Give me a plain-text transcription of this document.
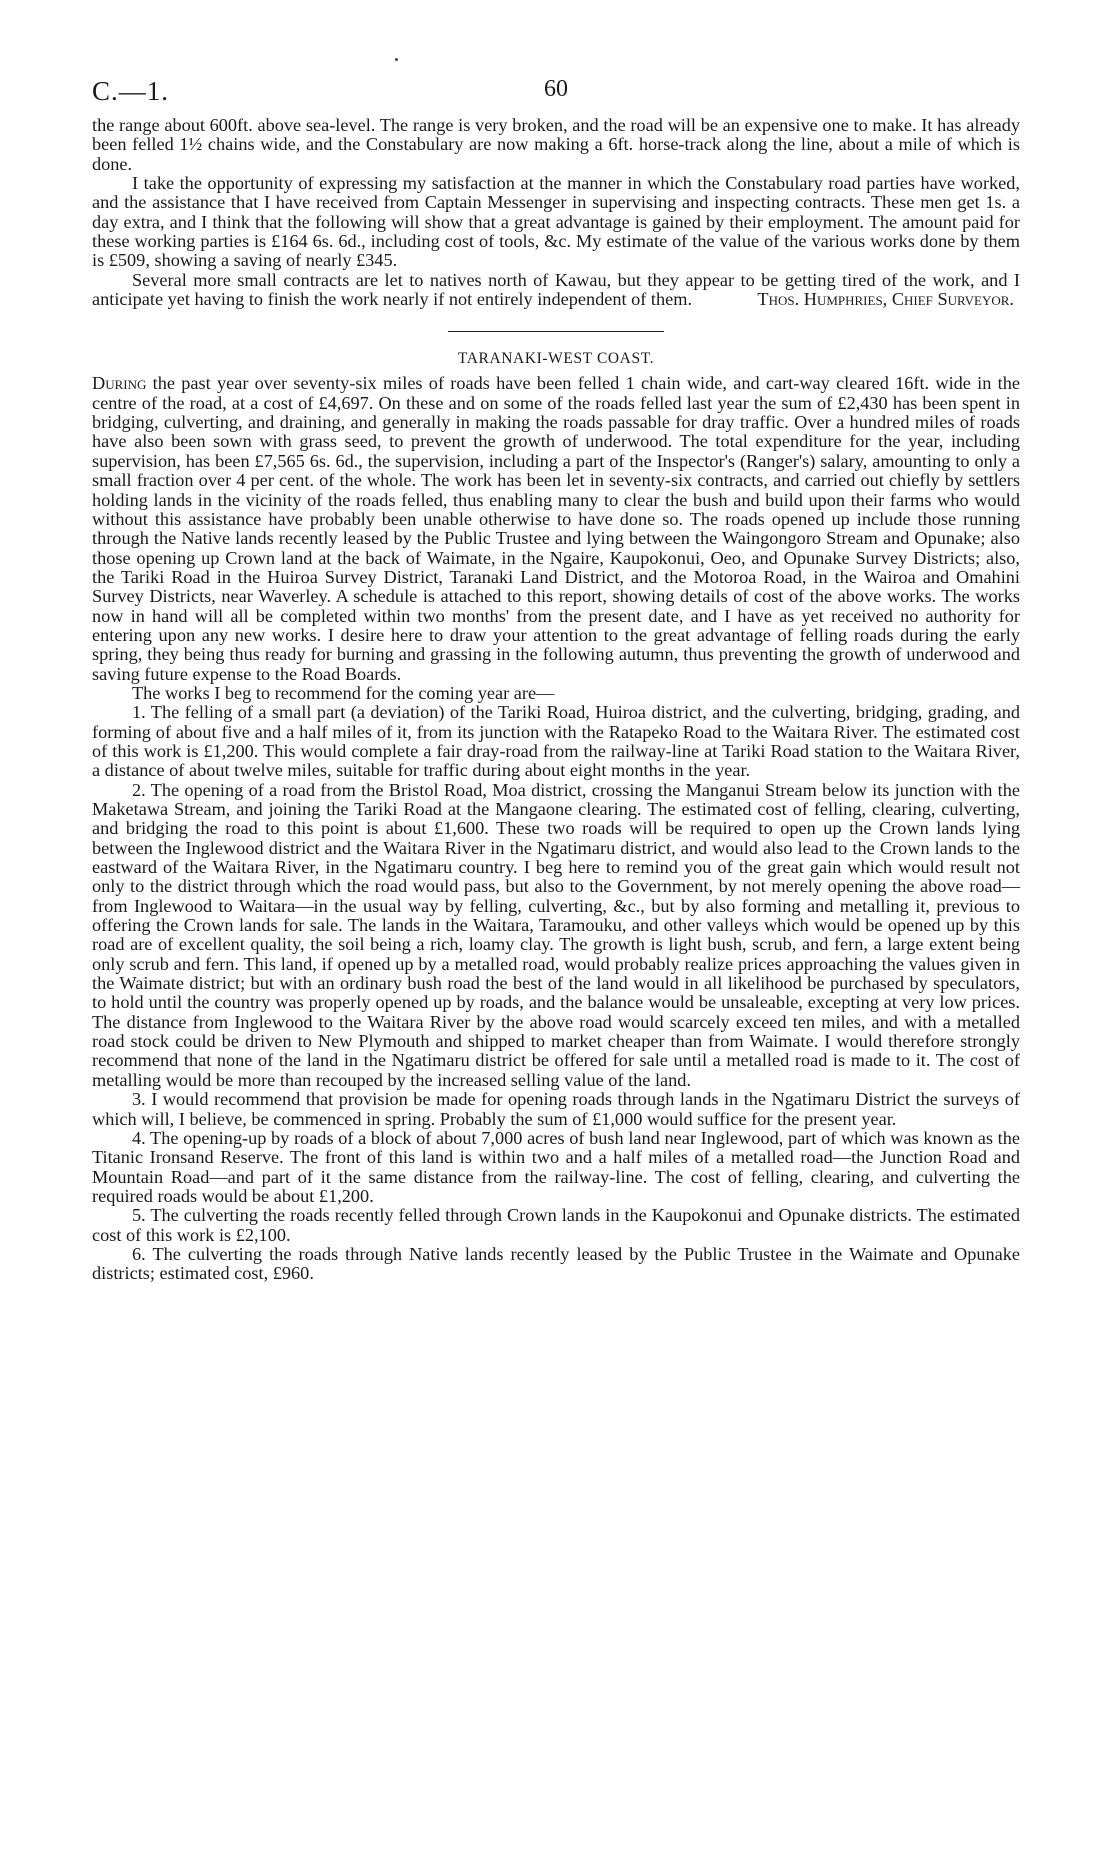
C.—1.	60

the range about 600ft. above sea-level. The range is very broken, and the road will be an expensive one to make. It has already been felled 1½ chains wide, and the Constabulary are now making a 6ft. horse-track along the line, about a mile of which is done.

I take the opportunity of expressing my satisfaction at the manner in which the Constabulary road parties have worked, and the assistance that I have received from Captain Messenger in supervising and inspecting contracts. These men get 1s. a day extra, and I think that the following will show that a great advantage is gained by their employment. The amount paid for these working parties is £164 6s. 6d., including cost of tools, &c. My estimate of the value of the various works done by them is £509, showing a saving of nearly £345.

Several more small contracts are let to natives north of Kawau, but they appear to be getting tired of the work, and I anticipate yet having to finish the work nearly if not entirely independent of them.	Thos. Humphries, Chief Surveyor.
TARANAKI-WEST COAST.

During the past year over seventy-six miles of roads have been felled 1 chain wide, and cart-way cleared 16ft. wide in the centre of the road, at a cost of £4,697. On these and on some of the roads felled last year the sum of £2,430 has been spent in bridging, culverting, and draining, and generally in making the roads passable for dray traffic. Over a hundred miles of roads have also been sown with grass seed, to prevent the growth of underwood. The total expenditure for the year, including supervision, has been £7,565 6s. 6d., the supervision, including a part of the Inspector's (Ranger's) salary, amounting to only a small fraction over 4 per cent. of the whole. The work has been let in seventy-six contracts, and carried out chiefly by settlers holding lands in the vicinity of the roads felled, thus enabling many to clear the bush and build upon their farms who would without this assistance have probably been unable otherwise to have done so. The roads opened up include those running through the Native lands recently leased by the Public Trustee and lying between the Waingongoro Stream and Opunake; also those opening up Crown land at the back of Waimate, in the Ngaire, Kaupokonui, Oeo, and Opunake Survey Districts; also, the Tariki Road in the Huiroa Survey District, Taranaki Land District, and the Motoroa Road, in the Wairoa and Omahini Survey Districts, near Waverley. A schedule is attached to this report, showing details of cost of the above works. The works now in hand will all be completed within two months' from the present date, and I have as yet received no authority for entering upon any new works. I desire here to draw your attention to the great advantage of felling roads during the early spring, they being thus ready for burning and grassing in the following autumn, thus preventing the growth of underwood and saving future expense to the Road Boards.

The works I beg to recommend for the coming year are—

1. The felling of a small part (a deviation) of the Tariki Road, Huiroa district, and the culverting, bridging, grading, and forming of about five and a half miles of it, from its junction with the Ratapeko Road to the Waitara River. The estimated cost of this work is £1,200. This would complete a fair dray-road from the railway-line at Tariki Road station to the Waitara River, a distance of about twelve miles, suitable for traffic during about eight months in the year.

2. The opening of a road from the Bristol Road, Moa district, crossing the Manganui Stream below its junction with the Maketawa Stream, and joining the Tariki Road at the Mangaone clearing. The estimated cost of felling, clearing, culverting, and bridging the road to this point is about £1,600. These two roads will be required to open up the Crown lands lying between the Inglewood district and the Waitara River in the Ngatimaru district, and would also lead to the Crown lands to the eastward of the Waitara River, in the Ngatimaru country. I beg here to remind you of the great gain which would result not only to the district through which the road would pass, but also to the Government, by not merely opening the above road—from Inglewood to Waitara—in the usual way by felling, culverting, &c., but by also forming and metalling it, previous to offering the Crown lands for sale. The lands in the Waitara, Taramouku, and other valleys which would be opened up by this road are of excellent quality, the soil being a rich, loamy clay. The growth is light bush, scrub, and fern, a large extent being only scrub and fern. This land, if opened up by a metalled road, would probably realize prices approaching the values given in the Waimate district; but with an ordinary bush road the best of the land would in all likelihood be purchased by speculators, to hold until the country was properly opened up by roads, and the balance would be unsaleable, excepting at very low prices. The distance from Inglewood to the Waitara River by the above road would scarcely exceed ten miles, and with a metalled road stock could be driven to New Plymouth and shipped to market cheaper than from Waimate. I would therefore strongly recommend that none of the land in the Ngatimaru district be offered for sale until a metalled road is made to it. The cost of metalling would be more than recouped by the increased selling value of the land.

3. I would recommend that provision be made for opening roads through lands in the Ngatimaru District the surveys of which will, I believe, be commenced in spring. Probably the sum of £1,000 would suffice for the present year.

4. The opening-up by roads of a block of about 7,000 acres of bush land near Inglewood, part of which was known as the Titanic Ironsand Reserve. The front of this land is within two and a half miles of a metalled road—the Junction Road and Mountain Road—and part of it the same distance from the railway-line. The cost of felling, clearing, and culverting the required roads would be about £1,200.

5. The culverting the roads recently felled through Crown lands in the Kaupokonui and Opunake districts. The estimated cost of this work is £2,100.

6. The culverting the roads through Native lands recently leased by the Public Trustee in the Waimate and Opunake districts; estimated cost, £960.
